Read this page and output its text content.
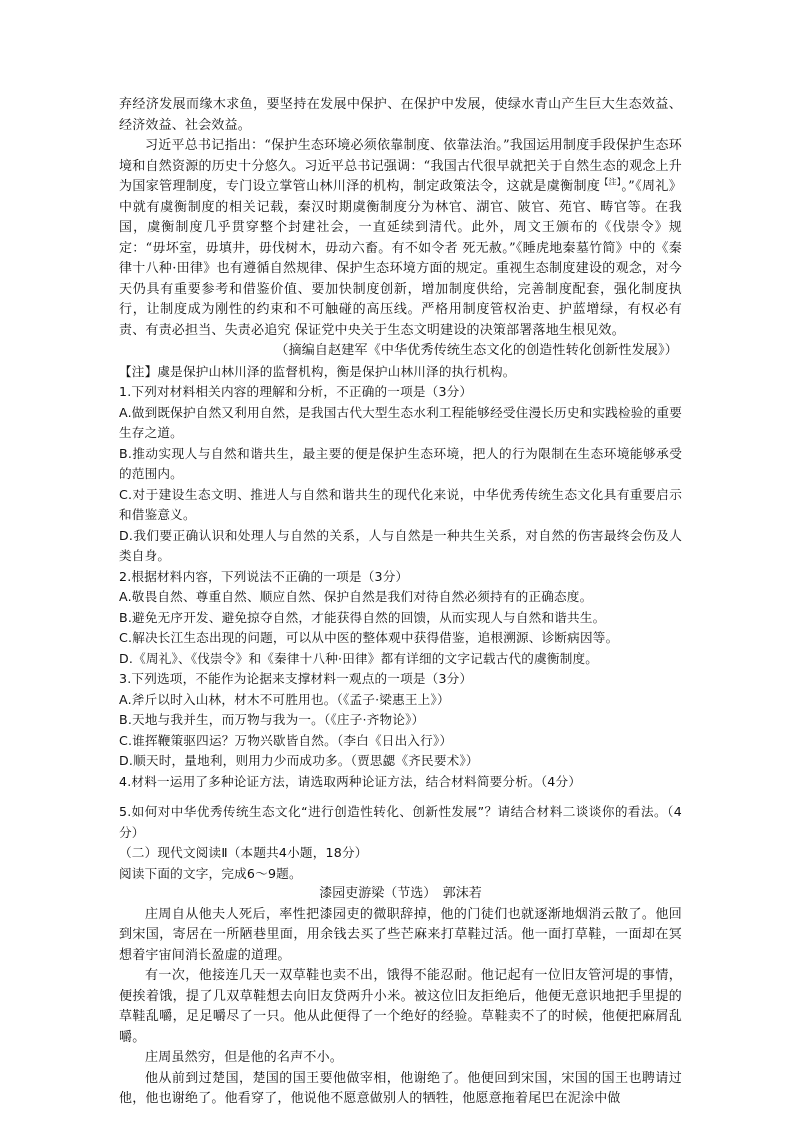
弃经济发展而缘木求鱼，要坚持在发展中保护、在保护中发展，使绿水青山产生巨大生态效益、经济效益、社会效益。

习近平总书记指出：“保护生态环境必须依靠制度、依靠法治。”我国运用制度手段保护生态环境和自然资源的历史十分悠久。习近平总书记强调：“我国古代很早就把关于自然生态的观念上升为国家管理制度，专门设立掌管山林川泽的机构，制定政策法令，这就是虞衡制度$^{【注】}$。”《周礼》中就有虞衡制度的相关记载，秦汉时期虞衡制度分为林官、湖官、陂官、苑官、畴官等。在我国，虞衡制度几乎贯穿整个封建社会，一直延续到清代。此外，周文王颁布的《伐崇令》规定：“毋坏室，毋填井，毋伐树木，毋动六畜。有不如令者 死无赦。”《睡虎地秦墓竹简》中的《秦律十八种·田律》也有遵循自然规律、保护生态环境方面的规定。重视生态制度建设的观念，对今天仍具有重要参考和借鉴价值、要加快制度创新，增加制度供给，完善制度配套，强化制度执行，让制度成为刚性的约束和不可触碰的高压线。严格用制度管权治吏、护蓝增绿，有权必有责、有责必担当、失责必追究 保证党中央关于生态文明建设的决策部署落地生根见效。

（摘编自赵建军《中华优秀传统生态文化的创造性转化创新性发展》）

【注】虞是保护山林川泽的监督机构，衡是保护山林川泽的执行机构。

1.下列对材料相关内容的理解和分析，不正确的一项是（3分）

A.做到既保护自然又利用自然，是我国古代大型生态水利工程能够经受住漫长历史和实践检验的重要生存之道。

B.推动实现人与自然和谐共生，最主要的便是保护生态环境，把人的行为限制在生态环境能够承受的范围内。

C.对于建设生态文明、推进人与自然和谐共生的现代化来说，中华优秀传统生态文化具有重要启示和借鉴意义。

D.我们要正确认识和处理人与自然的关系，人与自然是一种共生关系，对自然的伤害最终会伤及人类自身。

2.根据材料内容，下列说法不正确的一项是（3分）

A.敬畏自然、尊重自然、顺应自然、保护自然是我们对待自然必须持有的正确态度。

B.避免无序开发、避免掠夺自然，才能获得自然的回馈，从而实现人与自然和谐共生。

C.解决长江生态出现的问题，可以从中医的整体观中获得借鉴，追根溯源、诊断病因等。

D.《周礼》、《伐崇令》和《秦律十八种·田律》都有详细的文字记载古代的虞衡制度。

3.下列选项，不能作为论据来支撑材料一观点的一项是（3分）

A.斧斤以时入山林，材木不可胜用也。（《孟子·梁惠王上》）

B.天地与我并生，而万物与我为一。（《庄子·齐物论》）

C.谁挥鞭策驱四运？万物兴歇皆自然。（李白《日出入行》）

D.顺天时，量地利，则用力少而成功多。（贾思勰《齐民要术》）

4.材料一运用了多种论证方法，请选取两种论证方法，结合材料简要分析。（4分）

5.如何对中华优秀传统生态文化“进行创造性转化、创新性发展”？请结合材料二谈谈你的看法。（4分）

（二）现代文阅读Ⅱ（本题共4小题，18分）

阅读下面的文字，完成6～9题。

漆园吏游梁（节选）　郭沫若

庄周自从他夫人死后，率性把漆园吏的微职辞掉，他的门徒们也就逐渐地烟消云散了。他回到宋国，寄居在一所陋巷里面，用余钱去买了些芒麻来打草鞋过活。他一面打草鞋，一面却在冥想着宇宙间消长盈虚的道理。

有一次，他接连几天一双草鞋也卖不出，饿得不能忍耐。他记起有一位旧友管河堤的事情，便挨着饿，提了几双草鞋想去向旧友贷两升小米。被这位旧友拒绝后，他便无意识地把手里提的草鞋乱嚼，足足嚼尽了一只。他从此便得了一个绝好的经验。草鞋卖不了的时候，他便把麻屑乱嚼。

庄周虽然穷，但是他的名声不小。

他从前到过楚国，楚国的国王要他做宰相，他谢绝了。他便回到宋国，宋国的国王也聘请过他，他也谢绝了。他看穿了，他说他不愿意做别人的牺牲，他愿意拖着尾巴在泥涂中做
